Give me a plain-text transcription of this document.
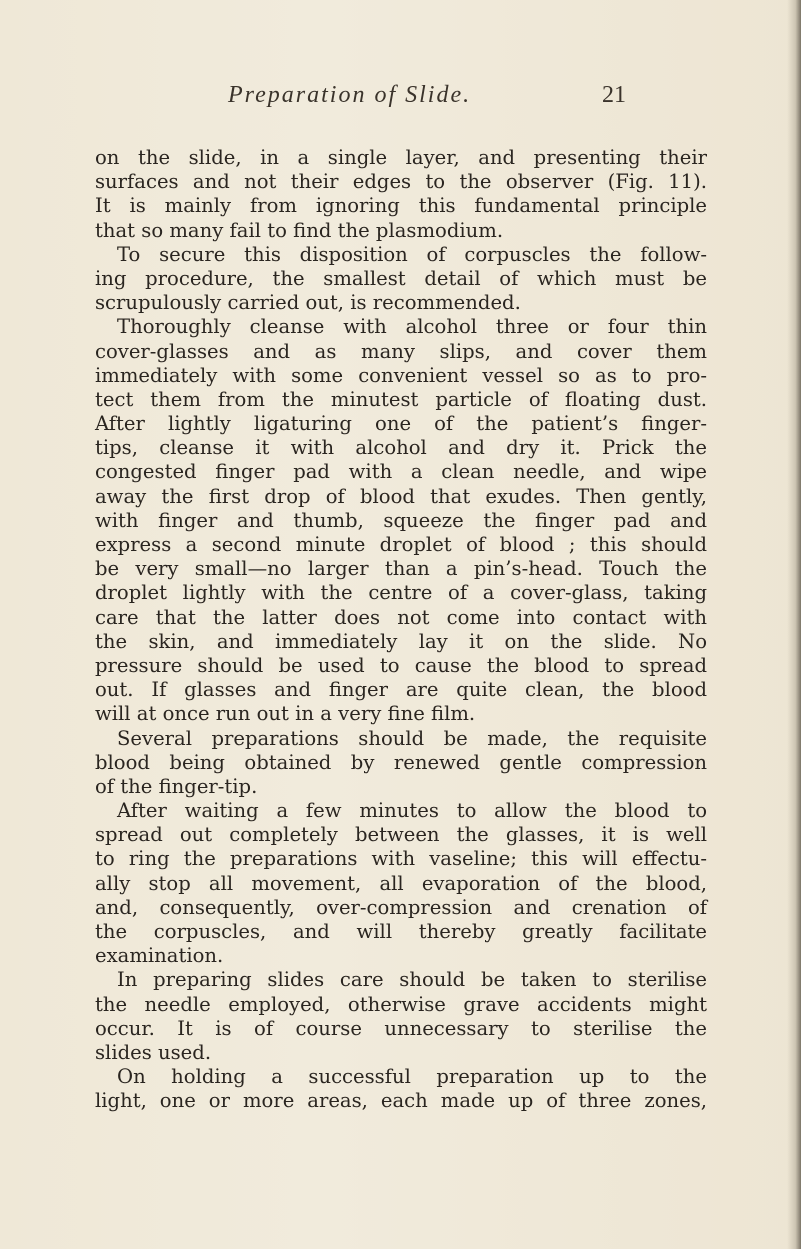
Preparation of Slide.	21
on the slide, in a single layer, and presenting their
surfaces and not their edges to the observer (Fig. 11).
It is mainly from ignoring this fundamental principle
that so many fail to find the plasmodium.
To secure this disposition of corpuscles the follow-
ing procedure, the smallest detail of which must be
scrupulously carried out, is recommended.
Thoroughly cleanse with alcohol three or four thin
cover-glasses and as many slips, and cover them
immediately with some convenient vessel so as to pro-
tect them from the minutest particle of floating dust.
After lightly ligaturing one of the patient’s finger-
tips, cleanse it with alcohol and dry it. Prick the
congested finger pad with a clean needle, and wipe
away the first drop of blood that exudes. Then gently,
with finger and thumb, squeeze the finger pad and
express a second minute droplet of blood ; this should
be very small—no larger than a pin’s-head. Touch the
droplet lightly with the centre of a cover-glass, taking
care that the latter does not come into contact with
the skin, and immediately lay it on the slide. No
pressure should be used to cause the blood to spread
out. If glasses and finger are quite clean, the blood
will at once run out in a very fine film.
Several preparations should be made, the requisite
blood being obtained by renewed gentle compression
of the finger-tip.
After waiting a few minutes to allow the blood to
spread out completely between the glasses, it is well
to ring the preparations with vaseline; this will effectu-
ally stop all movement, all evaporation of the blood,
and, consequently, over-compression and crenation of
the corpuscles, and will thereby greatly facilitate
examination.
In preparing slides care should be taken to sterilise
the needle employed, otherwise grave accidents might
occur. It is of course unnecessary to sterilise the
slides used.
On holding a successful preparation up to the
light, one or more areas, each made up of three zones,
